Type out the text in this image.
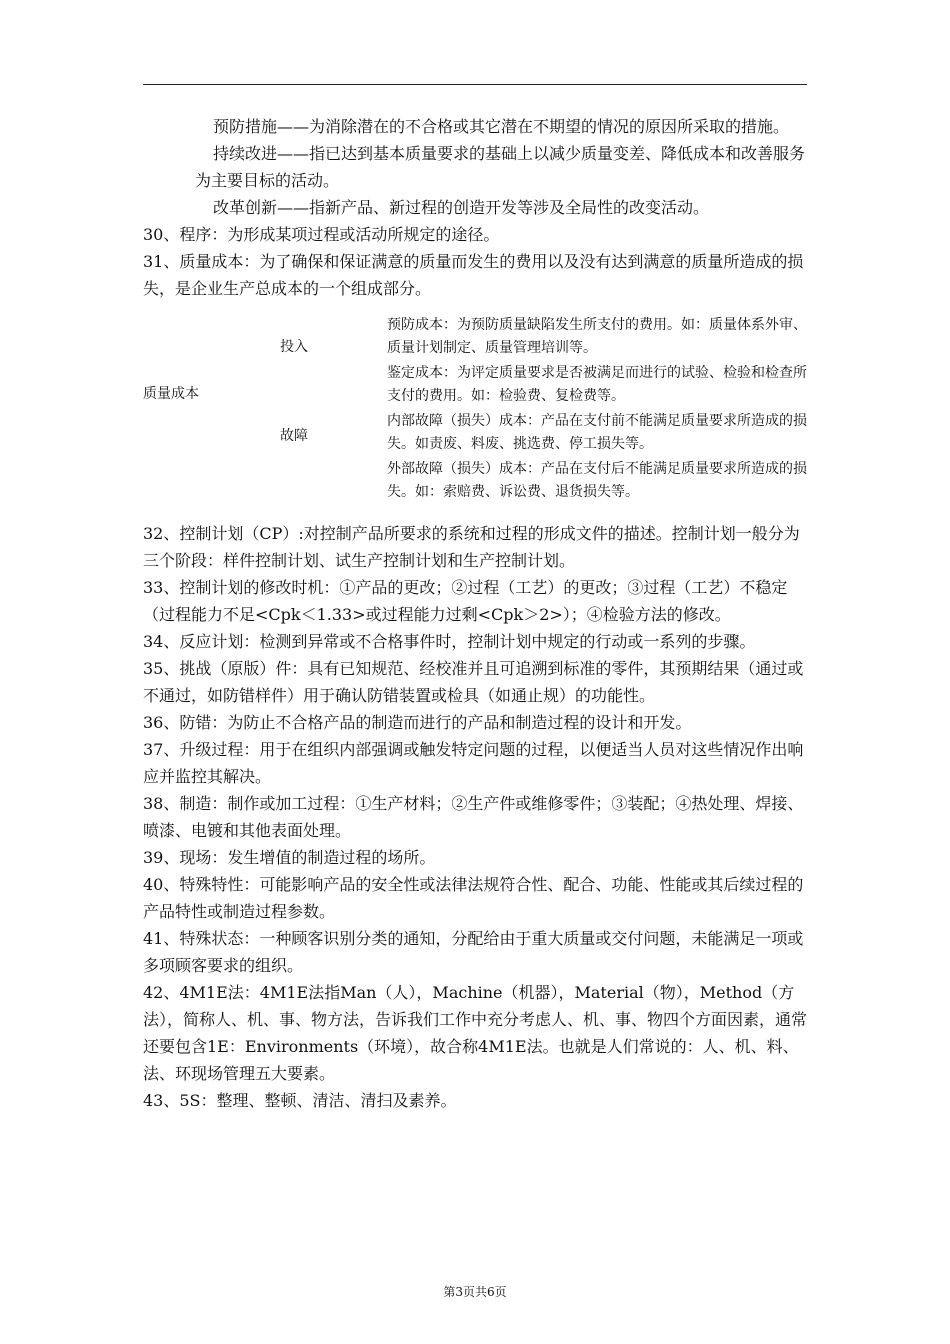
预防措施——为消除潜在的不合格或其它潜在不期望的情况的原因所采取的措施。

持续改进——指已达到基本质量要求的基础上以减少质量变差、降低成本和改善服务为主要目标的活动。

改革创新——指新产品、新过程的创造开发等涉及全局性的改变活动。

30、程序：为形成某项过程或活动所规定的途径。

31、质量成本：为了确保和保证满意的质量而发生的费用以及没有达到满意的质量所造成的损失，是企业生产总成本的一个组成部分。

质量成本
投入
故障
预防成本：为预防质量缺陷发生所支付的费用。如：质量体系外审、质量计划制定、质量管理培训等。
鉴定成本：为评定质量要求是否被满足而进行的试验、检验和检查所支付的费用。如：检验费、复检费等。
内部故障（损失）成本：产品在支付前不能满足质量要求所造成的损失。如责废、料废、挑选费、停工损失等。
外部故障（损失）成本：产品在支付后不能满足质量要求所造成的损失。如：索赔费、诉讼费、退货损失等。

32、控制计划（CP）:对控制产品所要求的系统和过程的形成文件的描述。控制计划一般分为三个阶段：样件控制计划、试生产控制计划和生产控制计划。

33、控制计划的修改时机：①产品的更改；②过程（工艺）的更改；③过程（工艺）不稳定（过程能力不足<Cpk＜1.33>或过程能力过剩<Cpk＞2>）；④检验方法的修改。

34、反应计划：检测到异常或不合格事件时，控制计划中规定的行动或一系列的步骤。

35、挑战（原版）件：具有已知规范、经校准并且可追溯到标准的零件，其预期结果（通过或不通过，如防错样件）用于确认防错装置或检具（如通止规）的功能性。

36、防错：为防止不合格产品的制造而进行的产品和制造过程的设计和开发。

37、升级过程：用于在组织内部强调或触发特定问题的过程，以便适当人员对这些情况作出响应并监控其解决。

38、制造：制作或加工过程：①生产材料；②生产件或维修零件；③装配；④热处理、焊接、喷漆、电镀和其他表面处理。

39、现场：发生增值的制造过程的场所。

40、特殊特性：可能影响产品的安全性或法律法规符合性、配合、功能、性能或其后续过程的产品特性或制造过程参数。

41、特殊状态：一种顾客识别分类的通知，分配给由于重大质量或交付问题，未能满足一项或多项顾客要求的组织。

42、4M1E法：4M1E法指Man（人），Machine（机器），Material（物），Method（方法），简称人、机、事、物方法，告诉我们工作中充分考虑人、机、事、物四个方面因素，通常还要包含1E：Environments（环境），故合称4M1E法。也就是人们常说的：人、机、料、法、环现场管理五大要素。

43、5S：整理、整顿、清洁、清扫及素养。

第3页共6页
